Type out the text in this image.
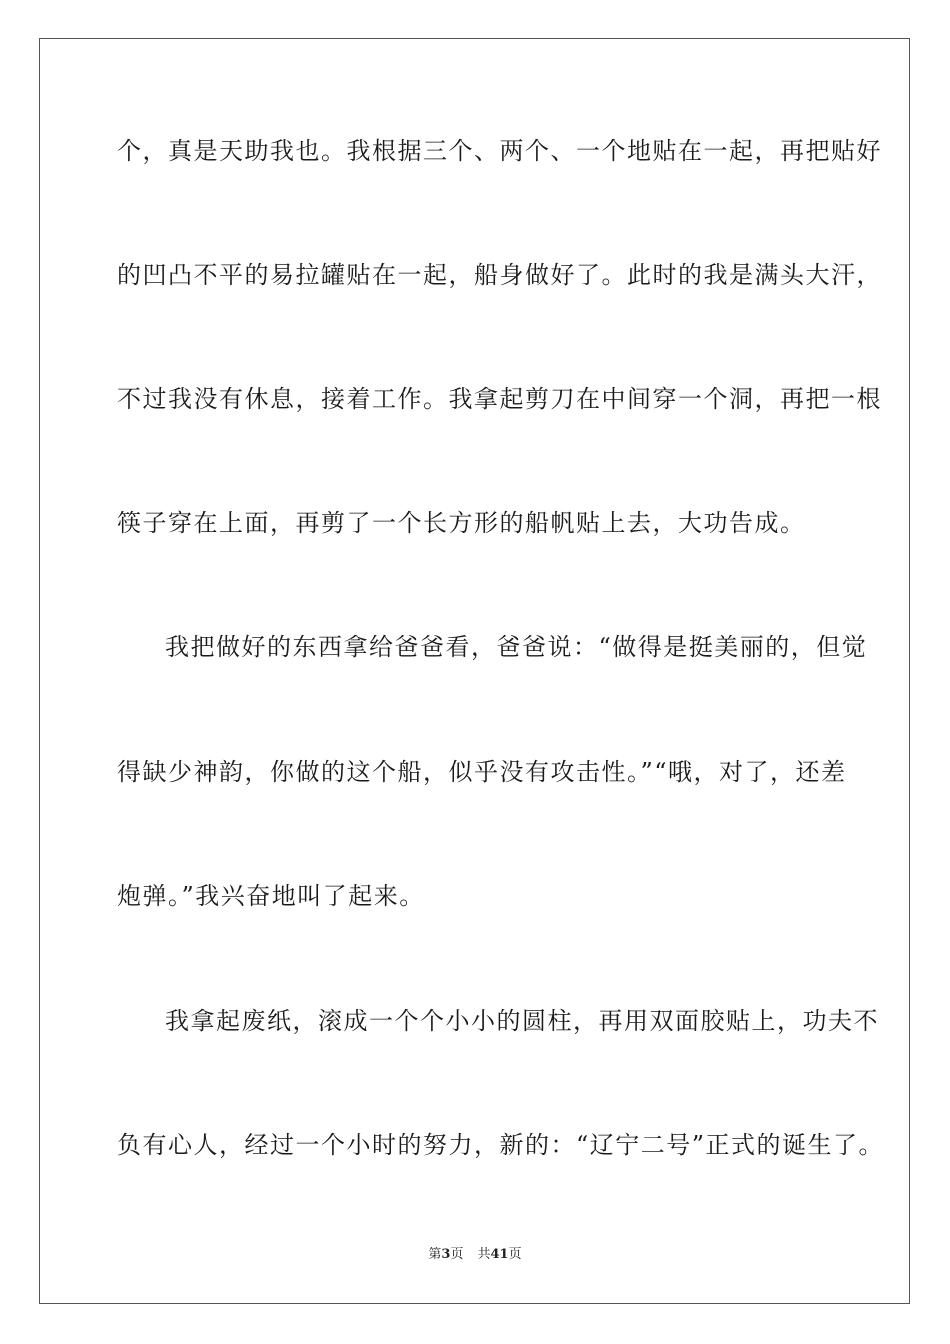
个，真是天助我也。我根据三个、两个、一个地贴在一起，再把贴好
的凹凸不平的易拉罐贴在一起，船身做好了。此时的我是满头大汗，
不过我没有休息，接着工作。我拿起剪刀在中间穿一个洞，再把一根
筷子穿在上面，再剪了一个长方形的船帆贴上去，大功告成。
我把做好的东西拿给爸爸看，爸爸说：“做得是挺美丽的，但觉
得缺少神韵，你做的这个船，似乎没有攻击性。”“哦，对了，还差
炮弹。”我兴奋地叫了起来。
我拿起废纸，滚成一个个小小的圆柱，再用双面胶贴上，功夫不
负有心人，经过一个小时的努力，新的：“辽宁二号”正式的诞生了。
第3页 共41页
